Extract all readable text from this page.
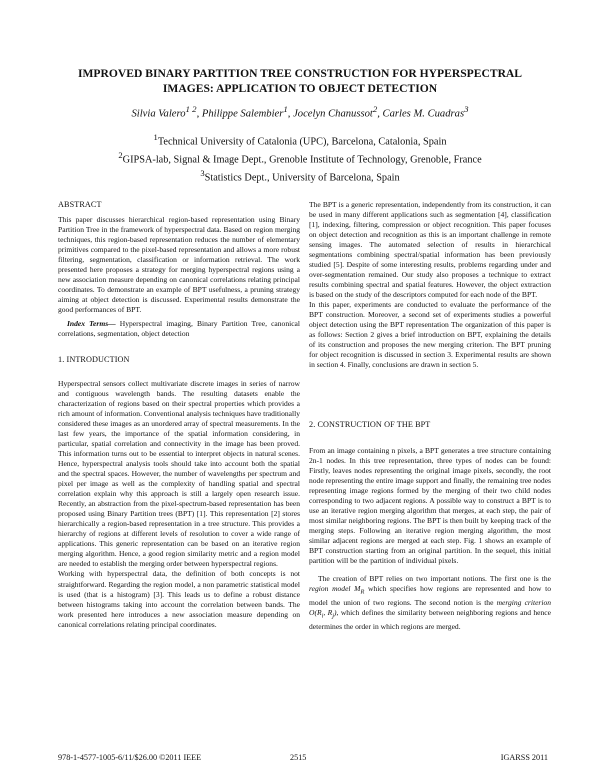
IMPROVED BINARY PARTITION TREE CONSTRUCTION FOR HYPERSPECTRAL
IMAGES: APPLICATION TO OBJECT DETECTION
Silvia Valero$^{1 2}$, Philippe Salembier$^1$, Jocelyn Chanussot$^2$, Carles M. Cuadras$^3$
$^1$Technical University of Catalonia (UPC), Barcelona, Catalonia, Spain
$^2$GIPSA-lab, Signal & Image Dept., Grenoble Institute of Technology, Grenoble, France
$^3$Statistics Dept., University of Barcelona, Spain

ABSTRACT

This paper discusses hierarchical region-based representation using Binary Partition Tree in the framework of hyperspectral data. Based on region merging techniques, this region-based representation reduces the number of elementary primitives compared to the pixel-based representation and allows a more robust filtering, segmentation, classification or information retrieval. The work presented here proposes a strategy for merging hyperspectral regions using a new association measure depending on canonical correlations relating principal coordinates. To demonstrate an example of BPT usefulness, a pruning strategy aiming at object detection is discussed. Experimental results demonstrate the good performances of BPT.

Index Terms— Hyperspectral imaging, Binary Partition Tree, canonical correlations, segmentation, object detection

1. INTRODUCTION

Hyperspectral sensors collect multivariate discrete images in series of narrow and contiguous wavelength bands. The resulting datasets enable the characterization of regions based on their spectral properties which provides a rich amount of information. Conventional analysis techniques have traditionally considered these images as an unordered array of spectral measurements. In the last few years, the importance of the spatial information considering, in particular, spatial correlation and connectivity in the image has been proved. This information turns out to be essential to interpret objects in natural scenes. Hence, hyperspectral analysis tools should take into account both the spatial and the spectral spaces. However, the number of wavelengths per spectrum and pixel per image as well as the complexity of handling spatial and spectral correlation explain why this approach is still a largely open research issue. Recently, an abstraction from the pixel-spectrum-based representation has been proposed using Binary Partition trees (BPT) [1]. This representation [2] stores hierarchically a region-based representation in a tree structure. This provides a hierarchy of regions at different levels of resolution to cover a wide range of applications. This generic representation can be based on an iterative region merging algorithm. Hence, a good region similarity metric and a region model are needed to establish the merging order between hyperspectral regions.

Working with hyperspectral data, the definition of both concepts is not straightforward. Regarding the region model, a non parametric statistical model is used (that is a histogram) [3]. This leads us to define a robust distance between histograms taking into account the correlation between bands. The work presented here introduces a new association measure depending on canonical correlations relating principal coordinates.

The BPT is a generic representation, independently from its construction, it can be used in many different applications such as segmentation [4], classification [1], indexing, filtering, compression or object recognition. This paper focuses on object detection and recognition as this is an important challenge in remote sensing images. The automated selection of results in hierarchical segmentations combining spectral/spatial information has been previously studied [5]. Despite of some interesting results, problems regarding under and over-segmentation remained. Our study also proposes a technique to extract results combining spectral and spatial features. However, the object extraction is based on the study of the descriptors computed for each node of the BPT.

In this paper, experiments are conducted to evaluate the performance of the BPT construction. Moreover, a second set of experiments studies a powerful object detection using the BPT representation The organization of this paper is as follows: Section 2 gives a brief introduction on BPT, explaining the details of its construction and proposes the new merging criterion. The BPT pruning for object recognition is discussed in section 3. Experimental results are shown in section 4. Finally, conclusions are drawn in section 5.

2. CONSTRUCTION OF THE BPT

From an image containing n pixels, a BPT generates a tree structure containing 2n-1 nodes. In this tree representation, three types of nodes can be found: Firstly, leaves nodes representing the original image pixels, secondly, the root node representing the entire image support and finally, the remaining tree nodes representing image regions formed by the merging of their two child nodes corresponding to two adjacent regions. A possible way to construct a BPT is to use an iterative region merging algorithm that merges, at each step, the pair of most similar neighboring regions. The BPT is then built by keeping track of the merging steps. Following an iterative region merging algorithm, the most similar adjacent regions are merged at each step. Fig. 1 shows an example of BPT construction starting from an original partition. In the sequel, this initial partition will be the partition of individual pixels.

The creation of BPT relies on two important notions. The first one is the region model $M_R$ which specifies how regions are represented and how to model the union of two regions. The second notion is the merging criterion $O(R_i$, $R_j$), which defines the similarity between neighboring regions and hence determines the order in which regions are merged.

978-1-4577-1005-6/11/$26.00 ©2011 IEEE	2515	IGARSS 2011
